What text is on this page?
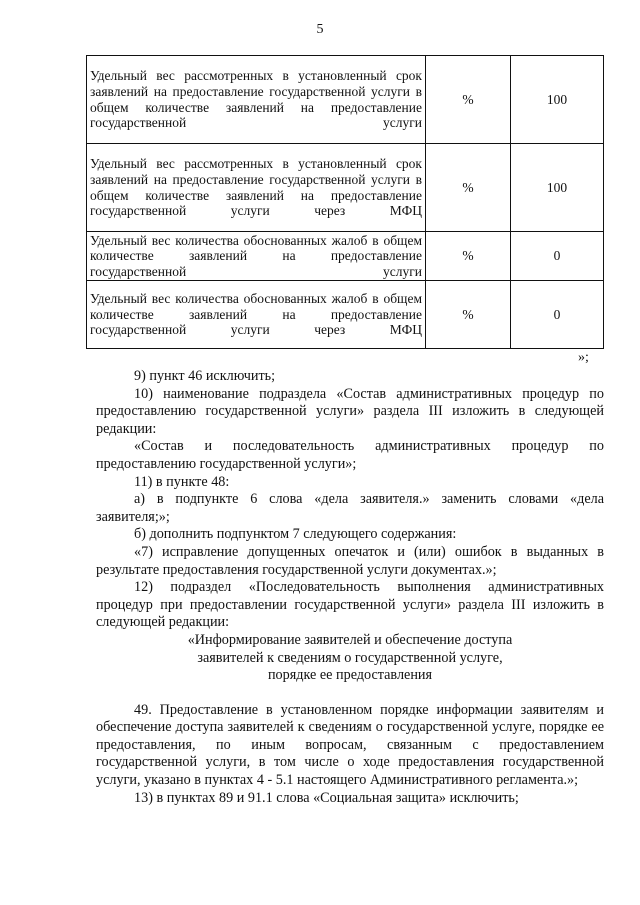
5
Удельный вес рассмотренных в установленный срок заявлений на предоставление государственной услуги в общем количестве заявлений на предоставление государственной услуги	%	100
Удельный вес рассмотренных в установленный срок заявлений на предоставление государственной услуги в общем количестве заявлений на предоставление государственной услуги через МФЦ	%	100
Удельный вес количества обоснованных жалоб в общем количестве заявлений на предоставление государственной услуги	%	0
Удельный вес количества обоснованных жалоб в общем количестве заявлений на предоставление государственной услуги через МФЦ	%	0
»;

9) пункт 46 исключить;

10) наименование подраздела «Состав административных процедур по предоставлению государственной услуги» раздела III изложить в следующей редакции:

«Состав и последовательность административных процедур по предоставлению государственной услуги»;

11) в пункте 48:

а) в подпункте 6 слова «дела заявителя.» заменить словами «дела заявителя;»;

б) дополнить подпунктом 7 следующего содержания:

«7) исправление допущенных опечаток и (или) ошибок в выданных в результате предоставления государственной услуги документах.»;

12) подраздел «Последовательность выполнения административных процедур при предоставлении государственной услуги» раздела III изложить в следующей редакции:

«Информирование заявителей и обеспечение доступа

заявителей к сведениям о государственной услуге,

порядке ее предоставления

49. Предоставление в установленном порядке информации заявителям и обеспечение доступа заявителей к сведениям о государственной услуге, порядке ее предоставления, по иным вопросам, связанным с предоставлением государственной услуги, в том числе о ходе предоставления государственной услуги, указано в пунктах 4 - 5.1 настоящего Административного регламента.»;

13) в пунктах 89 и 91.1 слова «Социальная защита» исключить;
